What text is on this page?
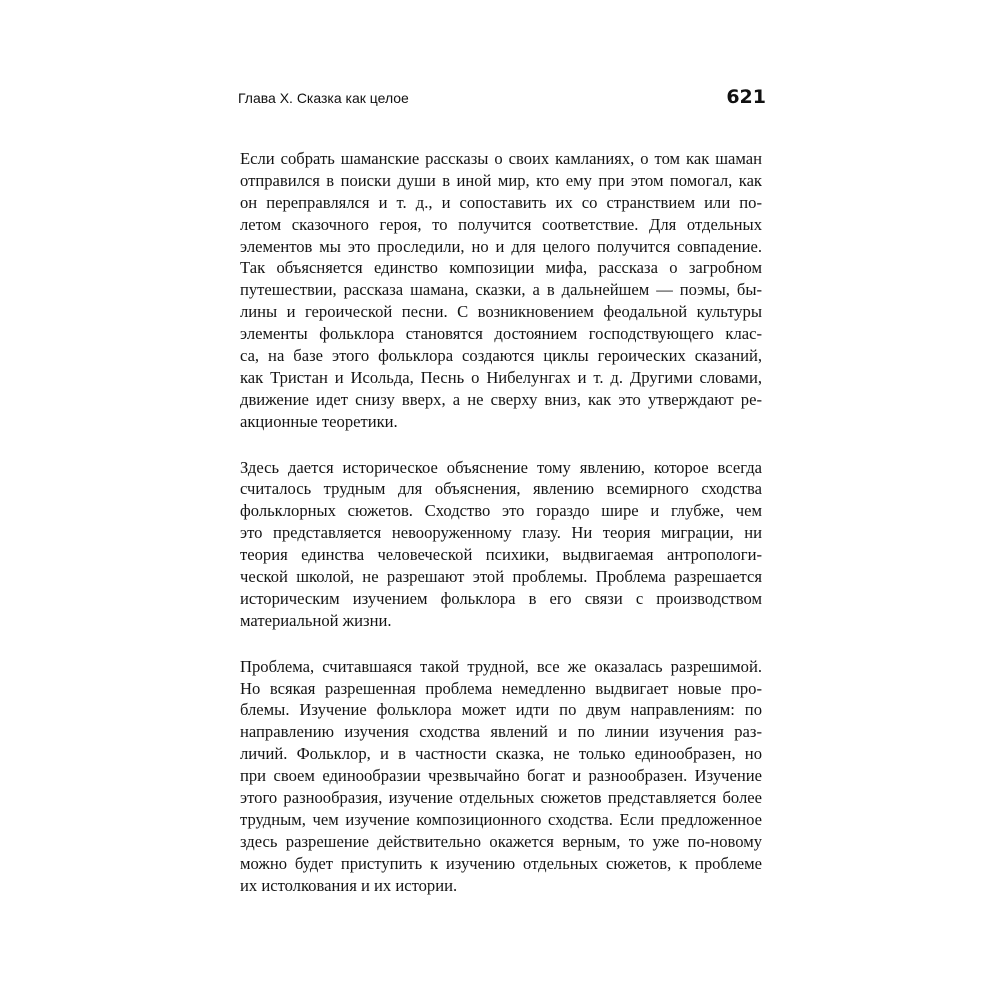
Глава X. Сказка как целое	621
Если собрать шаманские рассказы о своих камланиях, о том как шаман
отправился в поиски души в иной мир, кто ему при этом помогал, как
он переправлялся и т. д., и сопоставить их со странствием или по-
летом сказочного героя, то получится соответствие. Для отдельных
элементов мы это проследили, но и для целого получится совпадение.
Так объясняется единство композиции мифа, рассказа о загробном
путешествии, рассказа шамана, сказки, а в дальнейшем — поэмы, бы-
лины и героической песни. С возникновением феодальной культуры
элементы фольклора становятся достоянием господствующего клас-
са, на базе этого фольклора создаются циклы героических сказаний,
как Тристан и Исольда, Песнь о Нибелунгах и т. д. Другими словами,
движение идет снизу вверх, а не сверху вниз, как это утверждают ре-
акционные теоретики.
Здесь дается историческое объяснение тому явлению, которое всегда
считалось трудным для объяснения, явлению всемирного сходства
фольклорных сюжетов. Сходство это гораздо шире и глубже, чем
это представляется невооруженному глазу. Ни теория миграции, ни
теория единства человеческой психики, выдвигаемая антропологи-
ческой школой, не разрешают этой проблемы. Проблема разрешается
историческим изучением фольклора в его связи с производством
материальной жизни.
Проблема, считавшаяся такой трудной, все же оказалась разрешимой.
Но всякая разрешенная проблема немедленно выдвигает новые про-
блемы. Изучение фольклора может идти по двум направлениям: по
направлению изучения сходства явлений и по линии изучения раз-
личий. Фольклор, и в частности сказка, не только единообразен, но
при своем единообразии чрезвычайно богат и разнообразен. Изучение
этого разнообразия, изучение отдельных сюжетов представляется более
трудным, чем изучение композиционного сходства. Если предложенное
здесь разрешение действительно окажется верным, то уже по-новому
можно будет приступить к изучению отдельных сюжетов, к проблеме
их истолкования и их истории.
